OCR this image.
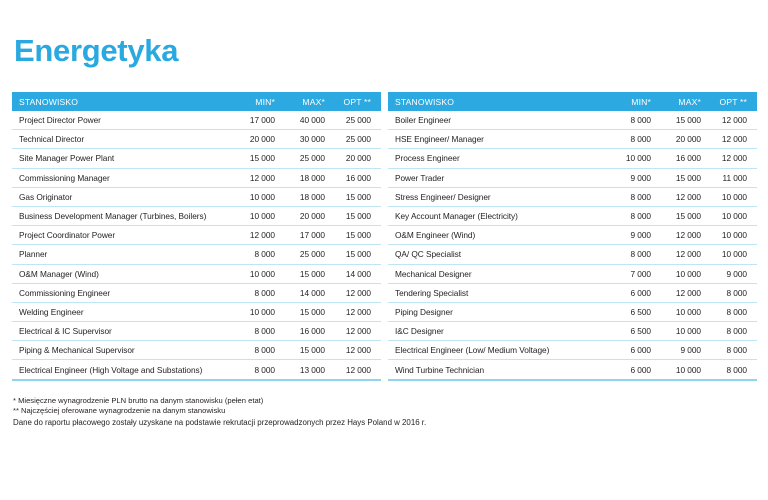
Energetyka
STANOWISKO	MIN*	MAX*	OPT **
Project Director Power	17 000	40 000	25 000
Technical Director	20 000	30 000	25 000
Site Manager Power Plant	15 000	25 000	20 000
Commissioning Manager	12 000	18 000	16 000
Gas Originator	10 000	18 000	15 000
Business Development Manager (Turbines, Boilers)	10 000	20 000	15 000
Project Coordinator Power	12 000	17 000	15 000
Planner	8 000	25 000	15 000
O&M Manager (Wind)	10 000	15 000	14 000
Commissioning Engineer	8 000	14 000	12 000
Welding Engineer	10 000	15 000	12 000
Electrical & IC Supervisor	8 000	16 000	12 000
Piping & Mechanical Supervisor	8 000	15 000	12 000
Electrical Engineer (High Voltage and Substations)	8 000	13 000	12 000
STANOWISKO	MIN*	MAX*	OPT **
Boiler Engineer	8 000	15 000	12 000
HSE Engineer/ Manager	8 000	20 000	12 000
Process Engineer	10 000	16 000	12 000
Power Trader	9 000	15 000	11 000
Stress Engineer/ Designer	8 000	12 000	10 000
Key Account Manager (Electricity)	8 000	15 000	10 000
O&M Engineer (Wind)	9 000	12 000	10 000
QA/ QC Specialist	8 000	12 000	10 000
Mechanical Designer	7 000	10 000	9 000
Tendering Specialist	6 000	12 000	8 000
Piping Designer	6 500	10 000	8 000
I&C Designer	6 500	10 000	8 000
Electrical Engineer (Low/ Medium Voltage)	6 000	9 000	8 000
Wind Turbine Technician	6 000	10 000	8 000
* Miesięczne wynagrodzenie PLN brutto na danym stanowisku (pełen etat)
** Najczęściej oferowane wynagrodzenie na danym stanowisku
Dane do raportu płacowego zostały uzyskane na podstawie rekrutacji przeprowadzonych przez Hays Poland w 2016 r.
